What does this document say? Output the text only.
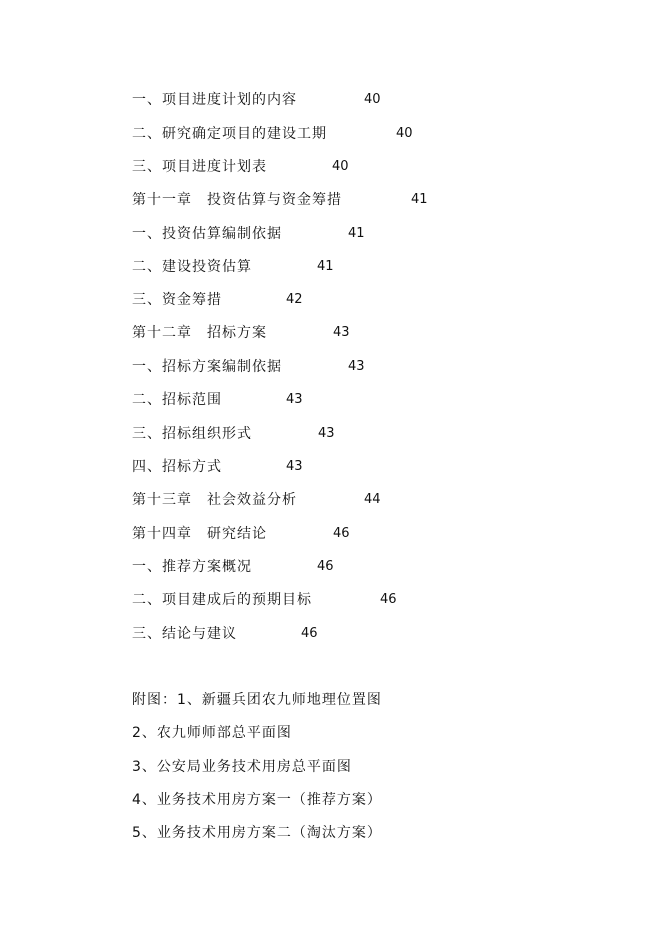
一、项目进度计划的内容	40
二、研究确定项目的建设工期	40
三、项目进度计划表	40
第十一章　投资估算与资金筹措	41
一、投资估算编制依据	41
二、建设投资估算	41
三、资金筹措	42
第十二章　招标方案	43
一、招标方案编制依据	43
二、招标范围	43
三、招标组织形式	43
四、招标方式	43
第十三章　社会效益分析	44
第十四章　研究结论	46
一、推荐方案概况	46
二、项目建成后的预期目标	46
三、结论与建议	46
附图：1、新疆兵团农九师地理位置图
2、农九师师部总平面图
3、公安局业务技术用房总平面图
4、业务技术用房方案一（推荐方案）
5、业务技术用房方案二（淘汰方案）
